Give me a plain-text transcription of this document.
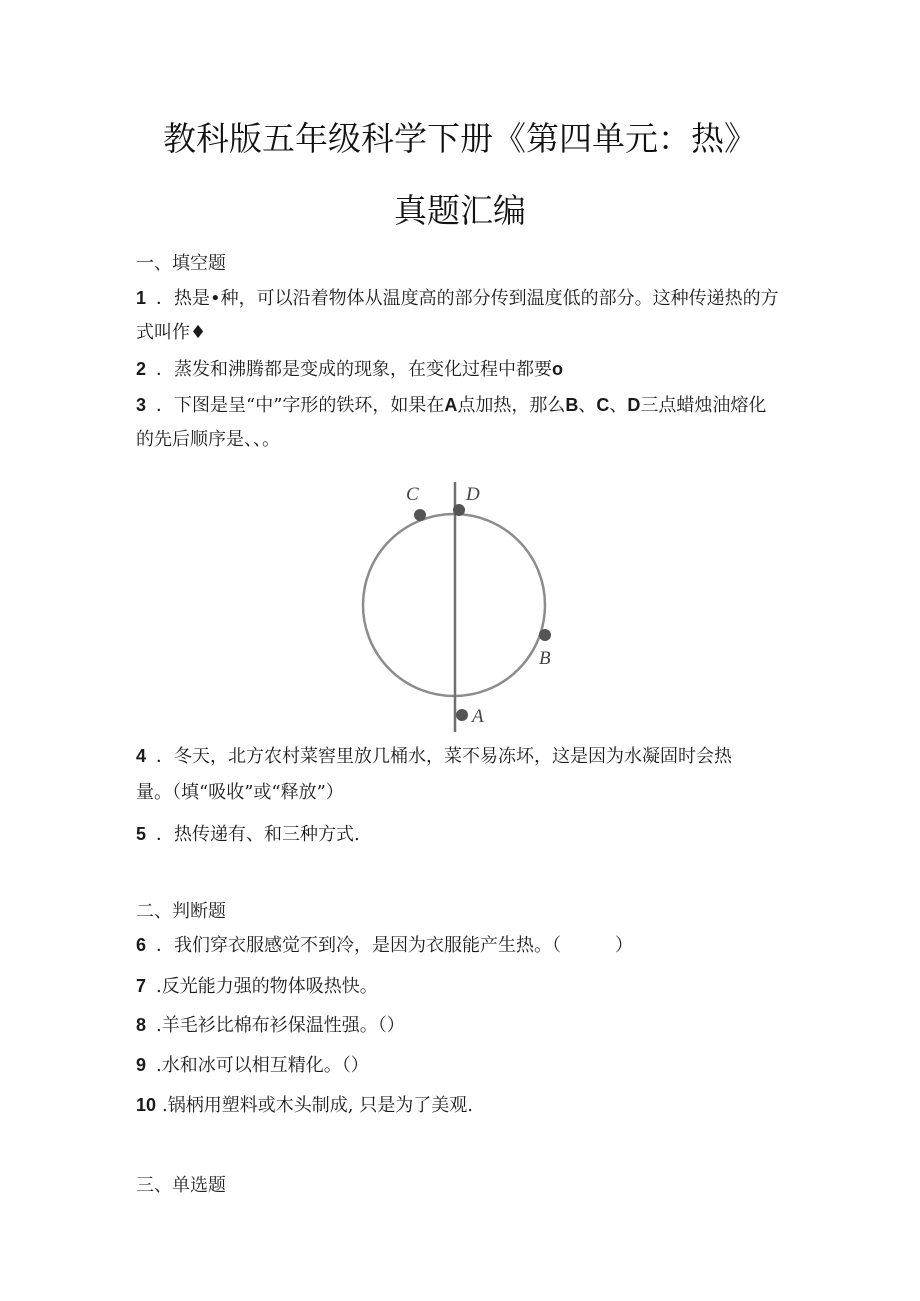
教科版五年级科学下册《第四单元：热》
真题汇编
一、填空题
1 ．热是•种，可以沿着物体从温度高的部分传到温度低的部分。这种传递热的方
式叫作♦
2 ．蒸发和沸腾都是变成的现象，在变化过程中都要o
3 ．下图是呈“中”字形的铁环，如果在A点加热，那么B、C、D三点蜡烛油熔化
的先后顺序是、、。
C D
B
A
4 ．冬天，北方农村菜窖里放几桶水，菜不易冻坏，这是因为水凝固时会热
量。（填“吸收”或“释放”）
5 ．热传递有、和三种方式.
二、判断题
6 ．我们穿衣服感觉不到冷，是因为衣服能产生热。（　　　）
7 .反光能力强的物体吸热快。
8 .羊毛衫比棉布衫保温性强。（）
9 .水和冰可以相互精化。（）
10 .锅柄用塑料或木头制成, 只是为了美观.
三、单选题
